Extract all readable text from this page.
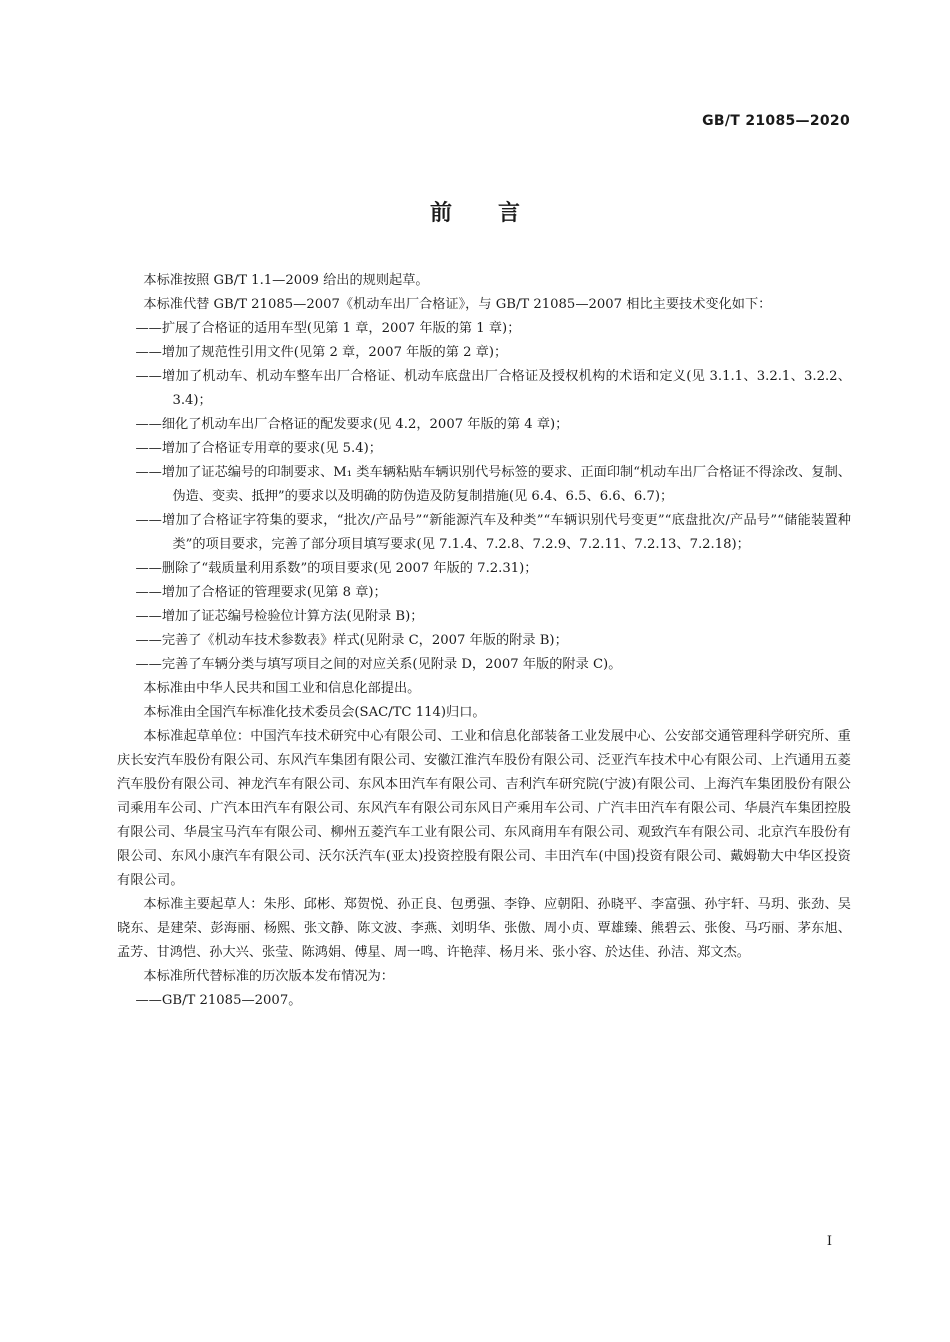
GB/T 21085—2020
前 言

本标准按照 GB/T 1.1—2009 给出的规则起草。

本标准代替 GB/T 21085—2007《机动车出厂合格证》，与 GB/T 21085—2007 相比主要技术变化如下：

——扩展了合格证的适用车型(见第 1 章，2007 年版的第 1 章)；

——增加了规范性引用文件(见第 2 章，2007 年版的第 2 章)；

——增加了机动车、机动车整车出厂合格证、机动车底盘出厂合格证及授权机构的术语和定义(见 3.1.1、3.2.1、3.2.2、3.4)；

——细化了机动车出厂合格证的配发要求(见 4.2，2007 年版的第 4 章)；

——增加了合格证专用章的要求(见 5.4)；

——增加了证芯编号的印制要求、M₁ 类车辆粘贴车辆识别代号标签的要求、正面印制“机动车出厂合格证不得涂改、复制、伪造、变卖、抵押”的要求以及明确的防伪造及防复制措施(见 6.4、6.5、6.6、6.7)；

——增加了合格证字符集的要求，“批次/产品号”“新能源汽车及种类”“车辆识别代号变更”“底盘批次/产品号”“储能装置种类”的项目要求，完善了部分项目填写要求(见 7.1.4、7.2.8、7.2.9、7.2.11、7.2.13、7.2.18)；

——删除了“载质量利用系数”的项目要求(见 2007 年版的 7.2.31)；

——增加了合格证的管理要求(见第 8 章)；

——增加了证芯编号检验位计算方法(见附录 B)；

——完善了《机动车技术参数表》样式(见附录 C，2007 年版的附录 B)；

——完善了车辆分类与填写项目之间的对应关系(见附录 D，2007 年版的附录 C)。

本标准由中华人民共和国工业和信息化部提出。

本标准由全国汽车标准化技术委员会(SAC/TC 114)归口。

本标准起草单位：中国汽车技术研究中心有限公司、工业和信息化部装备工业发展中心、公安部交通管理科学研究所、重庆长安汽车股份有限公司、东风汽车集团有限公司、安徽江淮汽车股份有限公司、泛亚汽车技术中心有限公司、上汽通用五菱汽车股份有限公司、神龙汽车有限公司、东风本田汽车有限公司、吉利汽车研究院(宁波)有限公司、上海汽车集团股份有限公司乘用车公司、广汽本田汽车有限公司、东风汽车有限公司东风日产乘用车公司、广汽丰田汽车有限公司、华晨汽车集团控股有限公司、华晨宝马汽车有限公司、柳州五菱汽车工业有限公司、东风商用车有限公司、观致汽车有限公司、北京汽车股份有限公司、东风小康汽车有限公司、沃尔沃汽车(亚太)投资控股有限公司、丰田汽车(中国)投资有限公司、戴姆勒大中华区投资有限公司。

本标准主要起草人：朱彤、邱彬、郑贺悦、孙正良、包勇强、李铮、应朝阳、孙晓平、李富强、孙宇轩、马玥、张劲、吴晓东、是建荣、彭海丽、杨熙、张文静、陈文波、李燕、刘明华、张傲、周小贞、覃雄臻、熊碧云、张俊、马巧丽、茅东旭、孟芳、甘鸿恺、孙大兴、张莹、陈鸿娟、傅星、周一鸣、许艳萍、杨月米、张小容、於达佳、孙洁、郑文杰。

本标准所代替标准的历次版本发布情况为：

——GB/T 21085—2007。

I
